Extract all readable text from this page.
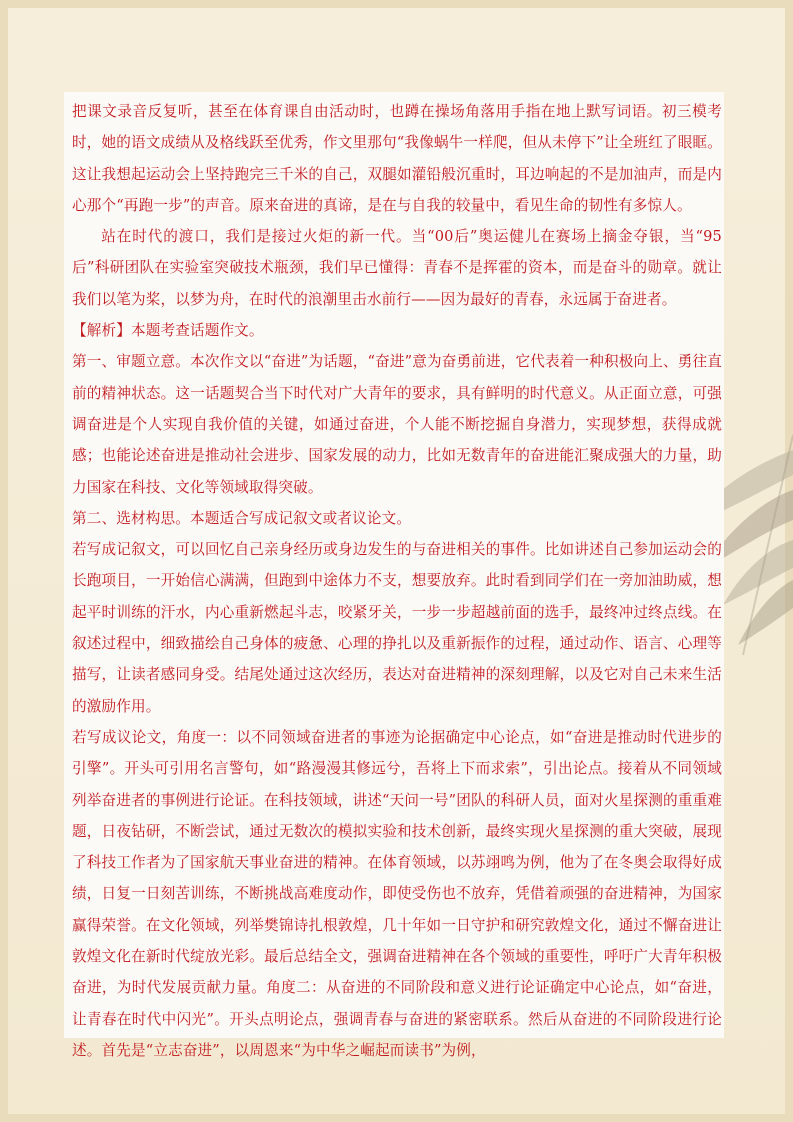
把课文录音反复听，甚至在体育课自由活动时，也蹲在操场角落用手指在地上默写词语。初三模考时，她的语文成绩从及格线跃至优秀，作文里那句“我像蜗牛一样爬，但从未停下”让全班红了眼眶。这让我想起运动会上坚持跑完三千米的自己，双腿如灌铅般沉重时，耳边响起的不是加油声，而是内心那个“再跑一步”的声音。原来奋进的真谛，是在与自我的较量中，看见生命的韧性有多惊人。

站在时代的渡口，我们是接过火炬的新一代。当“00后”奥运健儿在赛场上摘金夺银，当“95后”科研团队在实验室突破技术瓶颈，我们早已懂得：青春不是挥霍的资本，而是奋斗的勋章。就让我们以笔为桨，以梦为舟，在时代的浪潮里击水前行——因为最好的青春，永远属于奋进者。

【解析】本题考查话题作文。

第一、审题立意。本次作文以“奋进”为话题，“奋进”意为奋勇前进，它代表着一种积极向上、勇往直前的精神状态。这一话题契合当下时代对广大青年的要求，具有鲜明的时代意义。从正面立意，可强调奋进是个人实现自我价值的关键，如通过奋进，个人能不断挖掘自身潜力，实现梦想，获得成就感；也能论述奋进是推动社会进步、国家发展的动力，比如无数青年的奋进能汇聚成强大的力量，助力国家在科技、文化等领域取得突破。

第二、选材构思。本题适合写成记叙文或者议论文。

若写成记叙文，可以回忆自己亲身经历或身边发生的与奋进相关的事件。比如讲述自己参加运动会的长跑项目，一开始信心满满，但跑到中途体力不支，想要放弃。此时看到同学们在一旁加油助威，想起平时训练的汗水，内心重新燃起斗志，咬紧牙关，一步一步超越前面的选手，最终冲过终点线。在叙述过程中，细致描绘自己身体的疲惫、心理的挣扎以及重新振作的过程，通过动作、语言、心理等描写，让读者感同身受。结尾处通过这次经历，表达对奋进精神的深刻理解，以及它对自己未来生活的激励作用。

若写成议论文，角度一：以不同领域奋进者的事迹为论据确定中心论点，如“奋进是推动时代进步的引擎”。开头可引用名言警句，如“路漫漫其修远兮，吾将上下而求索”，引出论点。接着从不同领域列举奋进者的事例进行论证。在科技领域，讲述“天问一号”团队的科研人员，面对火星探测的重重难题，日夜钻研，不断尝试，通过无数次的模拟实验和技术创新，最终实现火星探测的重大突破，展现了科技工作者为了国家航天事业奋进的精神。在体育领域，以苏翊鸣为例，他为了在冬奥会取得好成绩，日复一日刻苦训练，不断挑战高难度动作，即使受伤也不放弃，凭借着顽强的奋进精神，为国家赢得荣誉。在文化领域，列举樊锦诗扎根敦煌，几十年如一日守护和研究敦煌文化，通过不懈奋进让敦煌文化在新时代绽放光彩。最后总结全文，强调奋进精神在各个领域的重要性，呼吁广大青年积极奋进，为时代发展贡献力量。角度二：从奋进的不同阶段和意义进行论证确定中心论点，如“奋进，让青春在时代中闪光”。开头点明论点，强调青春与奋进的紧密联系。然后从奋进的不同阶段进行论述。首先是“立志奋进”，以周恩来“为中华之崛起而读书”为例，
